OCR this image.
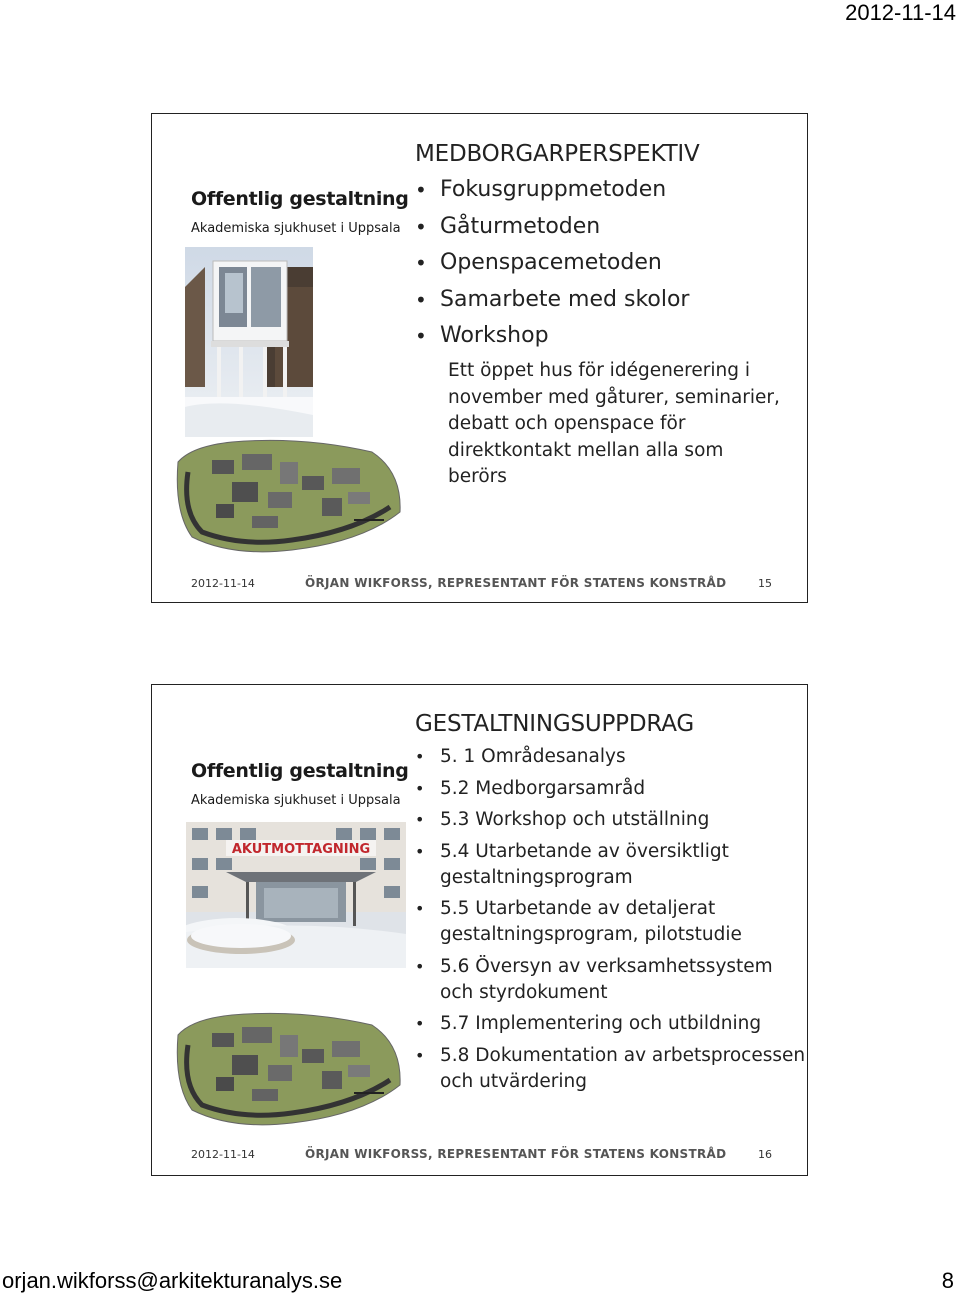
2012-11-14
Offentlig gestaltning
Akademiska sjukhuset i Uppsala
MEDBORGARPERSPEKTIV
• Fokusgruppmetoden
• Gåturmetoden
• Openspacemetoden
• Samarbete med skolor
• Workshop
Ett öppet hus för idégenerering i november med gåturer, seminarier, debatt och openspace för direktkontakt mellan alla som berörs
2012-11-14	ÖRJAN WIKFORSS, REPRESENTANT FÖR STATENS KONSTRÅD	15
Offentlig gestaltning
Akademiska sjukhuset i Uppsala
AKUTMOTTAGNING
GESTALTNINGSUPPDRAG
• 5. 1 Områdesanalys
• 5.2 Medborgarsamråd
• 5.3 Workshop och utställning
• 5.4 Utarbetande av översiktligt gestaltningsprogram
• 5.5 Utarbetande av detaljerat gestaltningsprogram, pilotstudie
• 5.6 Översyn av verksamhetssystem och styrdokument
• 5.7 Implementering och utbildning
• 5.8 Dokumentation av arbetsprocessen och utvärdering
2012-11-14	ÖRJAN WIKFORSS, REPRESENTANT FÖR STATENS KONSTRÅD	16
orjan.wikforss@arkitekturanalys.se	8
